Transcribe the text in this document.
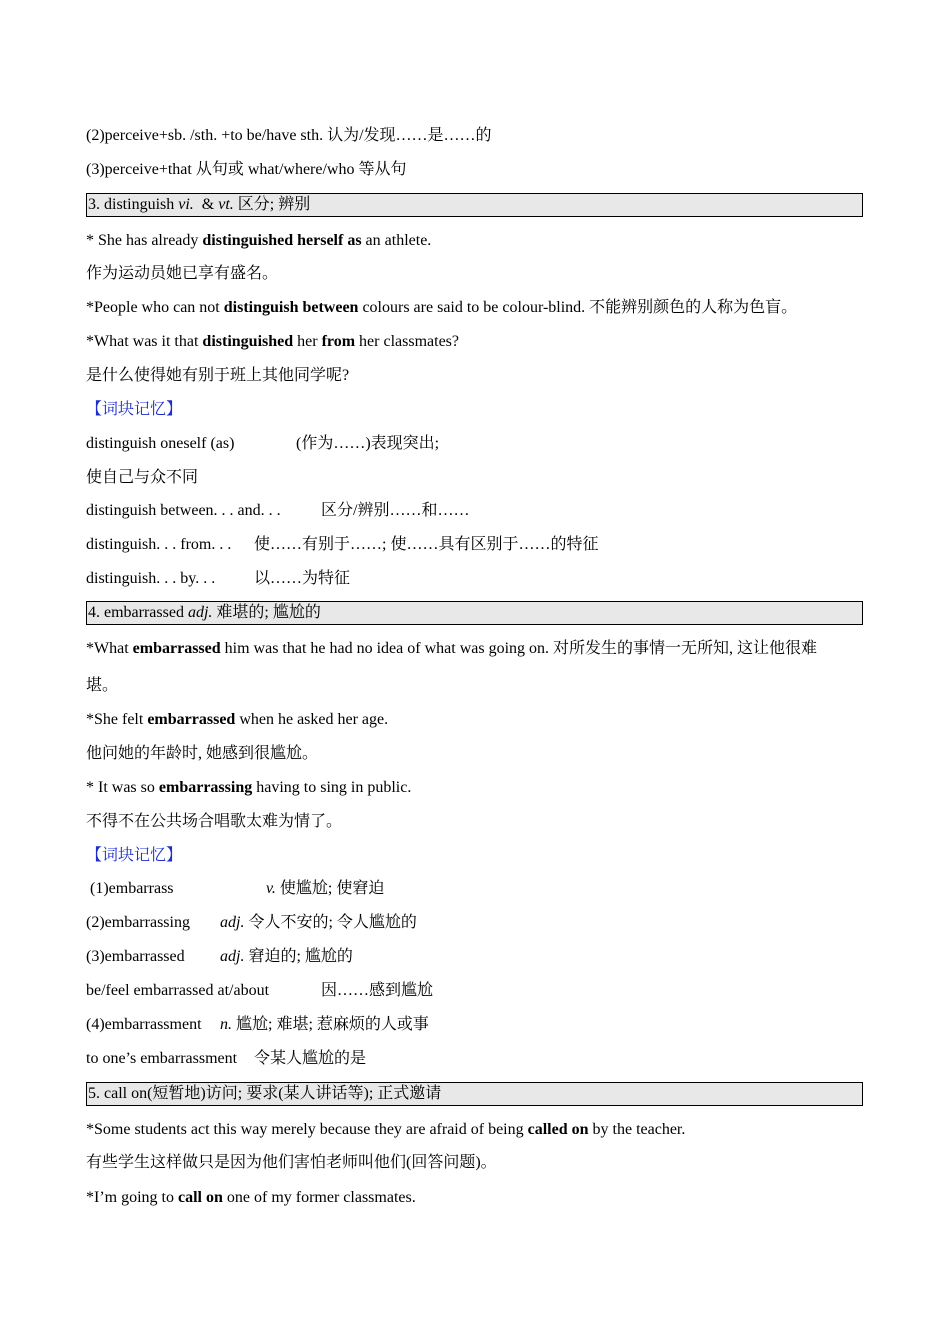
(2)perceive+sb. /sth. +to be/have sth. 认为/发现……是……的
(3)perceive+that 从句或 what/where/who 等从句
3. distinguish vi.  & vt. 区分; 辨别
* She has already distinguished herself as an athlete.
作为运动员她已享有盛名。
*People who can not distinguish between colours are said to be colour-blind. 不能辨别颜色的人称为色盲。
*What was it that distinguished her from her classmates?
是什么使得她有别于班上其他同学呢?
【词块记忆】
distinguish oneself (as)	(作为……)表现突出;
使自己与众不同
distinguish between. . . and. . .	区分/辨别……和……
distinguish. . . from. . . 使……有别于……; 使……具有区别于……的特征
distinguish. . . by. . . 以……为特征
4. embarrassed adj. 难堪的; 尴尬的
*What embarrassed him was that he had no idea of what was going on. 对所发生的事情一无所知, 这让他很难
堪。
*She felt embarrassed when he asked her age.
他问她的年龄时, 她感到很尴尬。
* It was so embarrassing having to sing in public.
不得不在公共场合唱歌太难为情了。
【词块记忆】
(1)embarrass	v. 使尴尬; 使窘迫
(2)embarrassing adj. 令人不安的; 令人尴尬的
(3)embarrassed adj. 窘迫的; 尴尬的
be/feel embarrassed at/about	因……感到尴尬
(4)embarrassment n. 尴尬; 难堪; 惹麻烦的人或事
to one’s embarrassment 令某人尴尬的是
5. call on(短暂地)访问; 要求(某人讲话等); 正式邀请
*Some students act this way merely because they are afraid of being called on by the teacher.
有些学生这样做只是因为他们害怕老师叫他们(回答问题)。
*I’m going to call on one of my former classmates.
